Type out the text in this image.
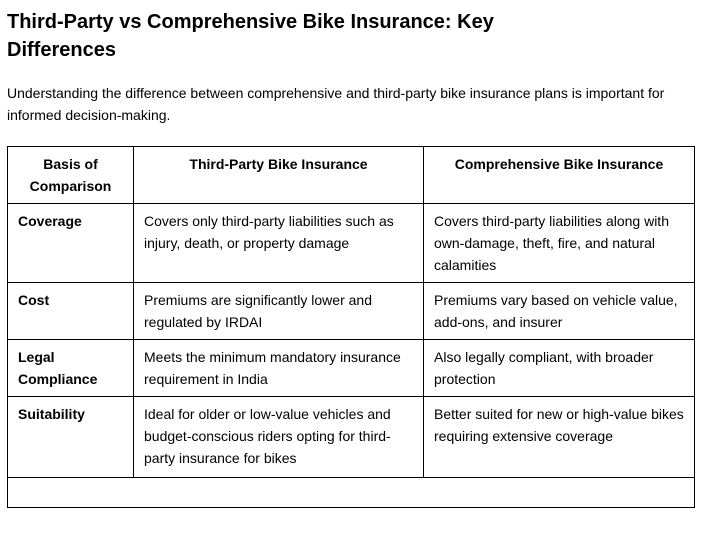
Third-Party vs Comprehensive Bike Insurance: Key Differences

Understanding the difference between comprehensive and third-party bike insurance plans is important for informed decision-making.

Basis of Comparison	Third-Party Bike Insurance	Comprehensive Bike Insurance
Coverage	Covers only third-party liabilities such as injury, death, or property damage	Covers third-party liabilities along with own-damage, theft, fire, and natural calamities
Cost	Premiums are significantly lower and regulated by IRDAI	Premiums vary based on vehicle value, add-ons, and insurer
Legal Compliance	Meets the minimum mandatory insurance requirement in India	Also legally compliant, with broader protection
Suitability	Ideal for older or low-value vehicles and budget-conscious riders opting for third-party insurance for bikes	Better suited for new or high-value bikes requiring extensive coverage
